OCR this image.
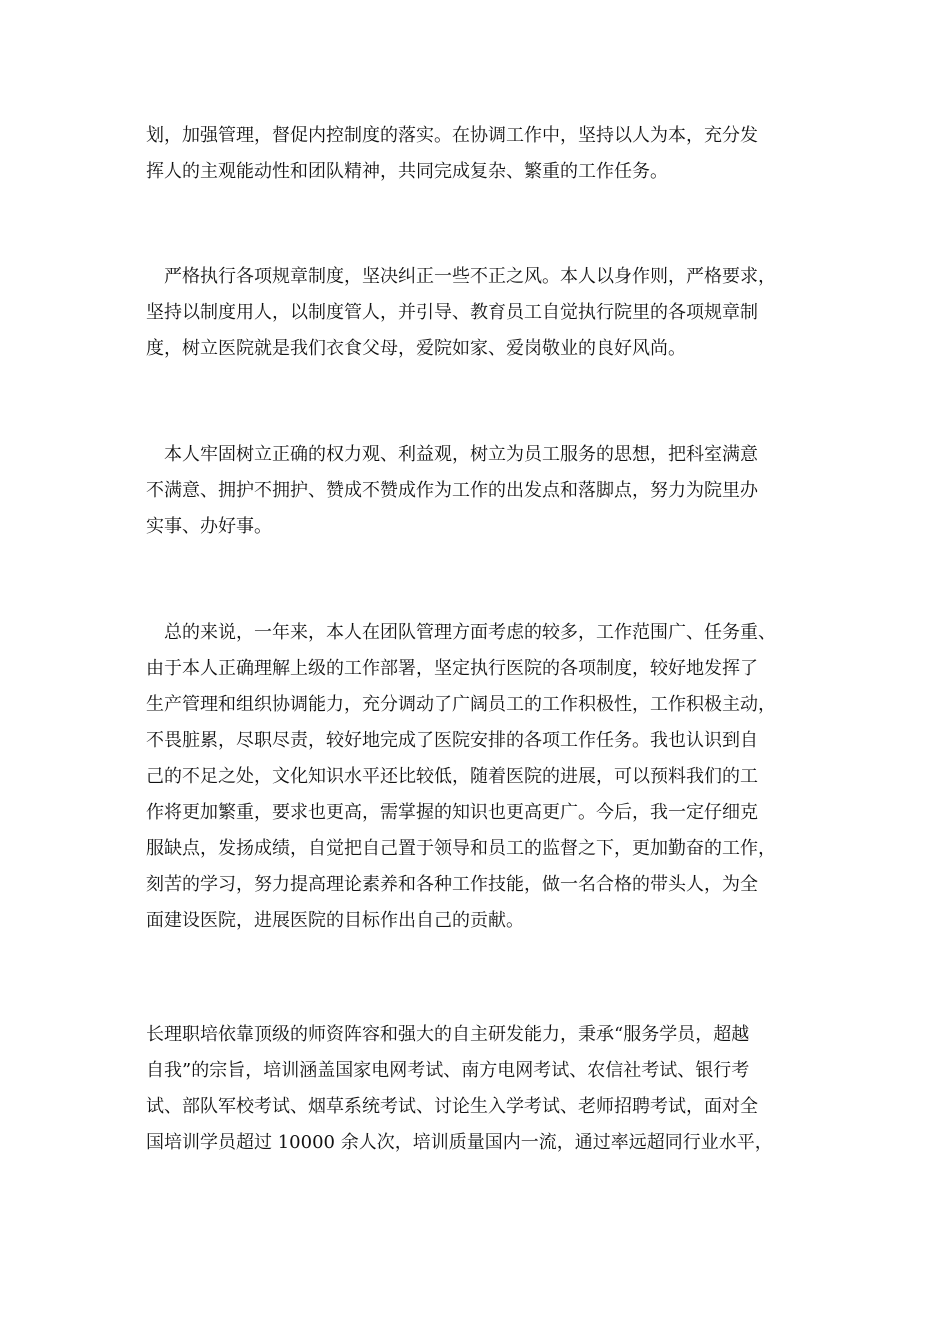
划，加强管理，督促内控制度的落实。在协调工作中，坚持以人为本，充分发
挥人的主观能动性和团队精神，共同完成复杂、繁重的工作任务。
　严格执行各项规章制度，坚决纠正一些不正之风。本人以身作则，严格要求，
坚持以制度用人，以制度管人，并引导、教育员工自觉执行院里的各项规章制
度，树立医院就是我们衣食父母，爱院如家、爱岗敬业的良好风尚。
　本人牢固树立正确的权力观、利益观，树立为员工服务的思想，把科室满意
不满意、拥护不拥护、赞成不赞成作为工作的出发点和落脚点，努力为院里办
实事、办好事。
　总的来说，一年来，本人在团队管理方面考虑的较多，工作范围广、任务重、
由于本人正确理解上级的工作部署，坚定执行医院的各项制度，较好地发挥了
生产管理和组织协调能力，充分调动了广阔员工的工作积极性，工作积极主动，
不畏脏累，尽职尽责，较好地完成了医院安排的各项工作任务。我也认识到自
己的不足之处，文化知识水平还比较低，随着医院的进展，可以预料我们的工
作将更加繁重，要求也更高，需掌握的知识也更高更广。今后，我一定仔细克
服缺点，发扬成绩，自觉把自己置于领导和员工的监督之下，更加勤奋的工作，
刻苦的学习，努力提高理论素养和各种工作技能，做一名合格的带头人，为全
面建设医院，进展医院的目标作出自己的贡献。
长理职培依靠顶级的师资阵容和强大的自主研发能力，秉承“服务学员，超越
自我”的宗旨，培训涵盖国家电网考试、南方电网考试、农信社考试、银行考
试、部队军校考试、烟草系统考试、讨论生入学考试、老师招聘考试，面对全
国培训学员超过 10000 余人次，培训质量国内一流，通过率远超同行业水平，
